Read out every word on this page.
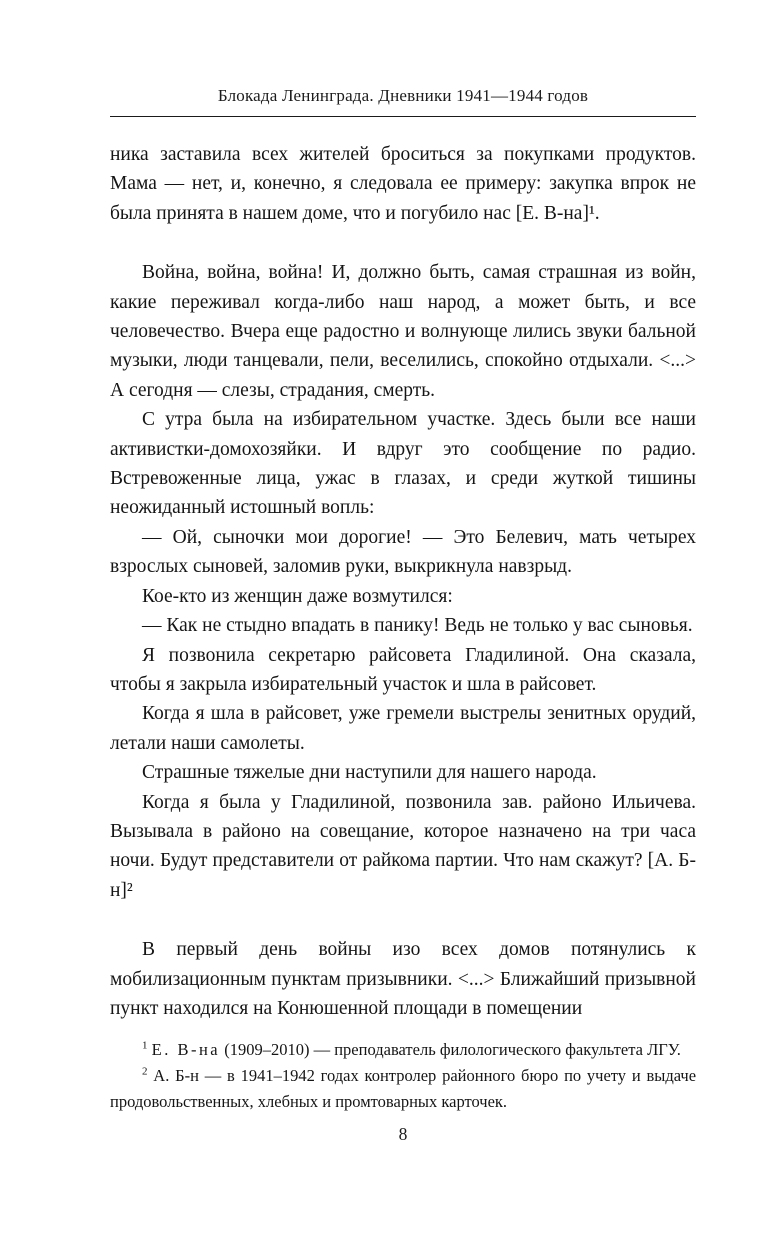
Блокада Ленинграда. Дневники 1941—1944 годов

ника заставила всех жителей броситься за покупками продуктов. Мама — нет, и, конечно, я следовала ее примеру: закупка впрок не была принята в нашем доме, что и погубило нас [Е. В-на]¹.

Война, война, война! И, должно быть, самая страшная из войн, какие переживал когда-либо наш народ, а может быть, и все человечество. Вчера еще радостно и волнующе лились звуки бальной музыки, люди танцевали, пели, веселились, спокойно отдыхали. <...> А сегодня — слезы, страдания, смерть.

С утра была на избирательном участке. Здесь были все наши активистки-домохозяйки. И вдруг это сообщение по радио. Встревоженные лица, ужас в глазах, и среди жуткой тишины неожиданный истошный вопль:

— Ой, сыночки мои дорогие! — Это Белевич, мать четырех взрослых сыновей, заломив руки, выкрикнула навзрыд.

Кое-кто из женщин даже возмутился:

— Как не стыдно впадать в панику! Ведь не только у вас сыновья.

Я позвонила секретарю райсовета Гладилиной. Она сказала, чтобы я закрыла избирательный участок и шла в райсовет.

Когда я шла в райсовет, уже гремели выстрелы зенитных орудий, летали наши самолеты.

Страшные тяжелые дни наступили для нашего народа.

Когда я была у Гладилиной, позвонила зав. районо Ильичева. Вызывала в районо на совещание, которое назначено на три часа ночи. Будут представители от райкома партии. Что нам скажут? [А. Б-н]²

В первый день войны изо всех домов потянулись к мобилизационным пунктам призывники. <...> Ближайший призывной пункт находился на Конюшенной площади в помещении

$^1$ Е. В-на (1909–2010) — преподаватель филологического факультета ЛГУ.

$^2$ А. Б-н — в 1941–1942 годах контролер районного бюро по учету и выдаче продовольственных, хлебных и промтоварных карточек.

8
